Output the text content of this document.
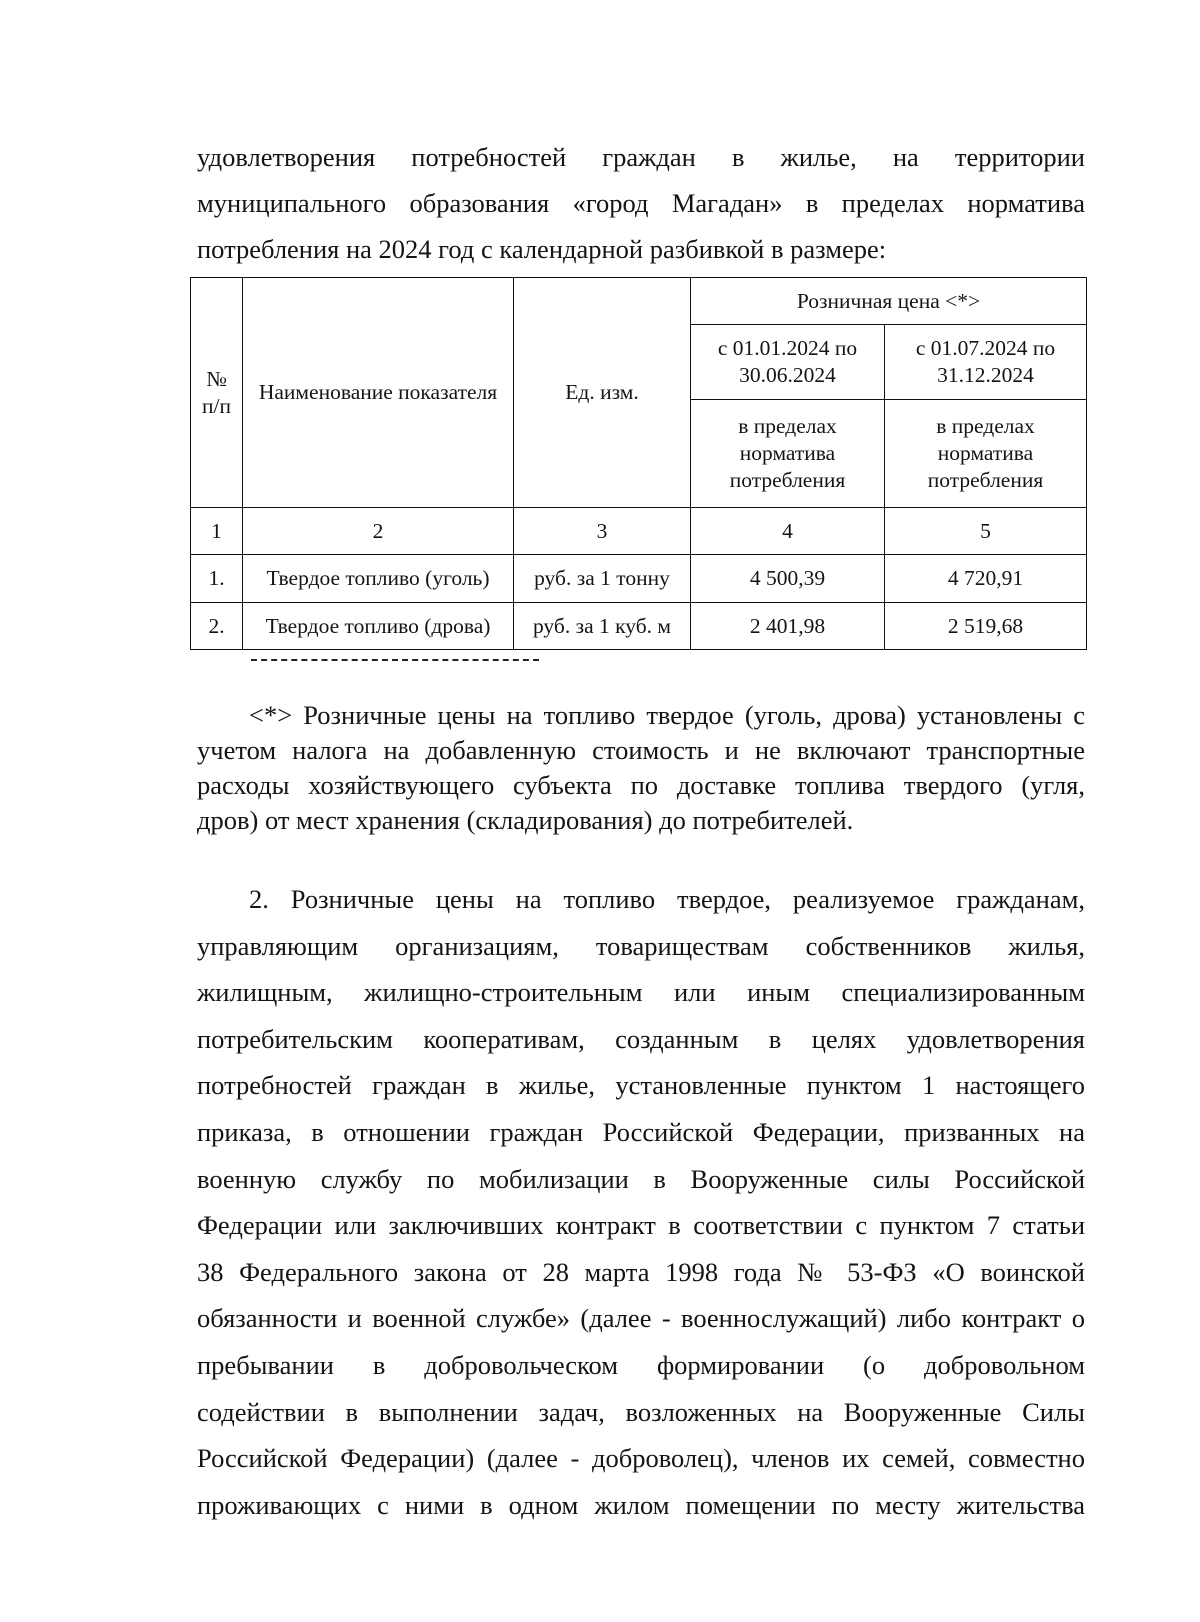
удовлетворения потребностей граждан в жилье, на территории
муниципального образования «город Магадан» в пределах норматива
потребления на 2024 год с календарной разбивкой в размере:
№ п/п	Наименование показателя	Ед. изм.	Розничная цена <*>	
			с 01.01.2024 по 30.06.2024	с 01.07.2024 по 31.12.2024
			в пределах норматива потребления	в пределах норматива потребления
1	2	3	4	5
1.	Твердое топливо (уголь)	руб. за 1 тонну	4 500,39	4 720,91
2.	Твердое топливо (дрова)	руб. за 1 куб. м	2 401,98	2 519,68
<*> Розничные цены на топливо твердое (уголь, дрова) установлены с
учетом налога на добавленную стоимость и не включают транспортные
расходы хозяйствующего субъекта по доставке топлива твердого (угля,
дров) от мест хранения (складирования) до потребителей.
2. Розничные цены на топливо твердое, реализуемое гражданам,
управляющим организациям, товариществам собственников жилья,
жилищным, жилищно-строительным или иным специализированным
потребительским кооперативам, созданным в целях удовлетворения
потребностей граждан в жилье, установленные пунктом 1 настоящего
приказа, в отношении граждан Российской Федерации, призванных на
военную службу по мобилизации в Вооруженные силы Российской
Федерации или заключивших контракт в соответствии с пунктом 7 статьи
38 Федерального закона от 28 марта 1998 года № 53-ФЗ «О воинской
обязанности и военной службе» (далее - военнослужащий) либо контракт о
пребывании в добровольческом формировании (о добровольном
содействии в выполнении задач, возложенных на Вооруженные Силы
Российской Федерации) (далее - доброволец), членов их семей, совместно
проживающих с ними в одном жилом помещении по месту жительства
